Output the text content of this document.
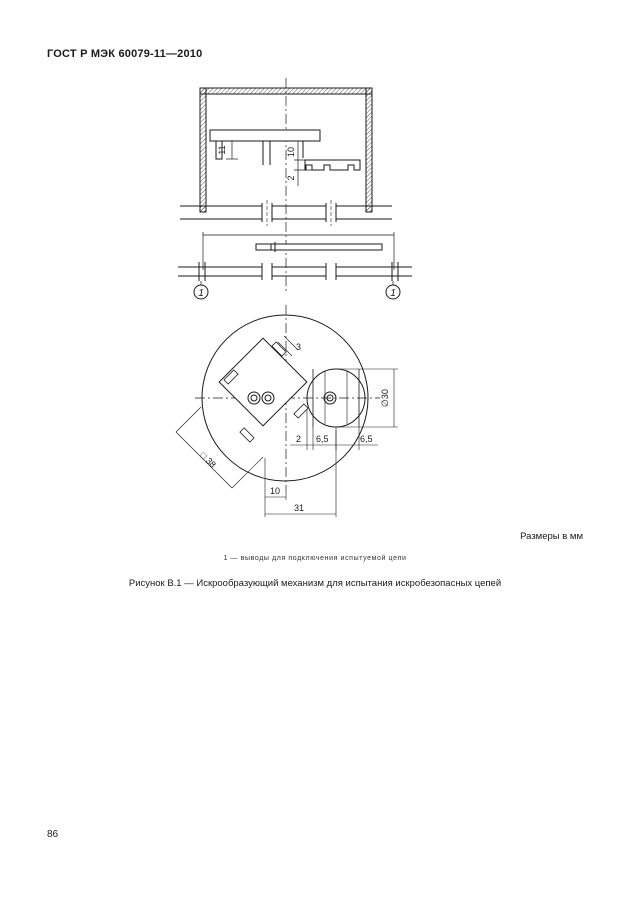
ГОСТ Р МЭК 60079-11—2010
11	10
2
1	1
3
∅30
2 6,5	6,5
□ 38
10
31
Размеры в мм
1 — выводы для подключения испытуемой цепи
Рисунок В.1 — Искрообразующий механизм для испытания искробезопасных цепей
86
